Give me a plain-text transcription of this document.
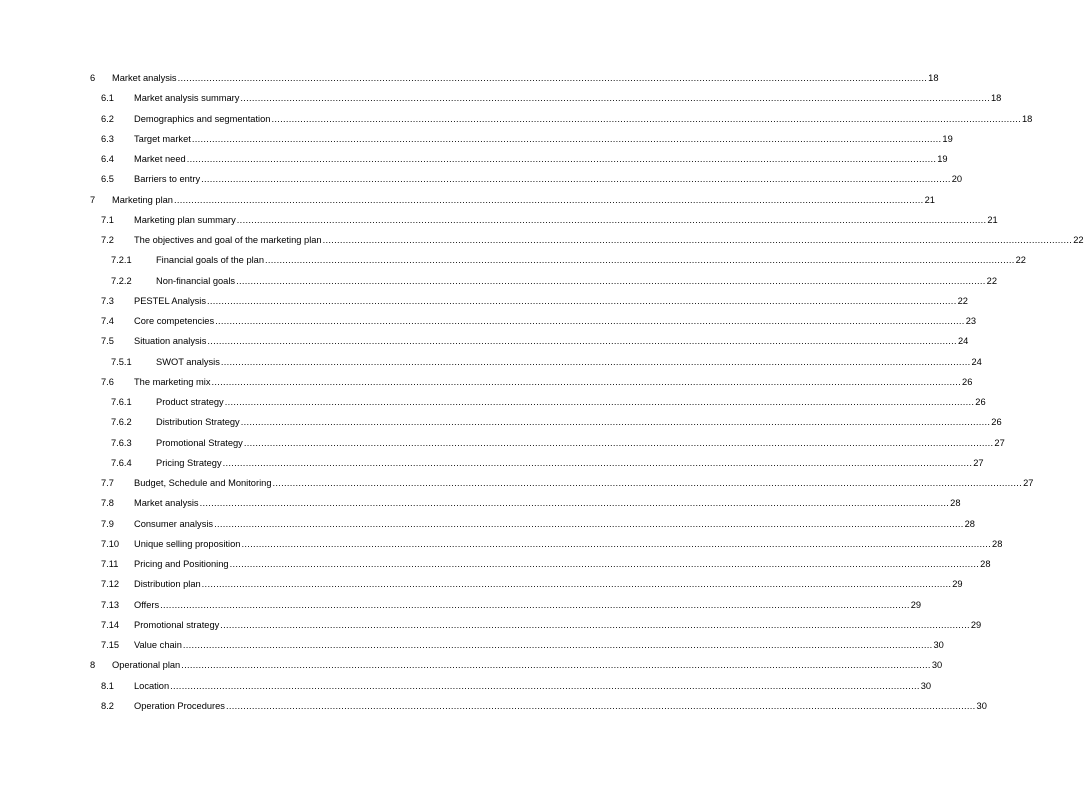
6 Market analysis .................................................................................................................................................................................................................................................................... 18
6.1 Market analysis summary .................................................................................................................................................................................................................................................................... 18
6.2 Demographics and segmentation .................................................................................................................................................................................................................................................................... 18
6.3 Target market .................................................................................................................................................................................................................................................................... 19
6.4 Market need .................................................................................................................................................................................................................................................................... 19
6.5 Barriers to entry .................................................................................................................................................................................................................................................................... 20
7 Marketing plan .................................................................................................................................................................................................................................................................... 21
7.1 Marketing plan summary .................................................................................................................................................................................................................................................................... 21
7.2 The objectives and goal of the marketing plan .................................................................................................................................................................................................................................................................... 22
7.2.1	Financial goals of the plan .................................................................................................................................................................................................................................................................... 22
7.2.2	Non-financial goals .................................................................................................................................................................................................................................................................... 22
7.3 PESTEL Analysis .................................................................................................................................................................................................................................................................... 22
7.4 Core competencies .................................................................................................................................................................................................................................................................... 23
7.5 Situation analysis .................................................................................................................................................................................................................................................................... 24
7.5.1	SWOT analysis .................................................................................................................................................................................................................................................................... 24
7.6 The marketing mix .................................................................................................................................................................................................................................................................... 26
7.6.1	Product strategy .................................................................................................................................................................................................................................................................... 26
7.6.2	Distribution Strategy .................................................................................................................................................................................................................................................................... 26
7.6.3	Promotional Strategy .................................................................................................................................................................................................................................................................... 27
7.6.4	Pricing Strategy .................................................................................................................................................................................................................................................................... 27
7.7 Budget, Schedule and Monitoring .................................................................................................................................................................................................................................................................... 27
7.8 Market analysis .................................................................................................................................................................................................................................................................... 28
7.9 Consumer analysis .................................................................................................................................................................................................................................................................... 28
7.10 Unique selling proposition .................................................................................................................................................................................................................................................................... 28
7.11 Pricing and Positioning .................................................................................................................................................................................................................................................................... 28
7.12 Distribution plan .................................................................................................................................................................................................................................................................... 29
7.13 Offers .................................................................................................................................................................................................................................................................... 29
7.14 Promotional strategy .................................................................................................................................................................................................................................................................... 29
7.15 Value chain .................................................................................................................................................................................................................................................................... 30
8 Operational plan .................................................................................................................................................................................................................................................................... 30
8.1 Location .................................................................................................................................................................................................................................................................... 30
8.2 Operation Procedures .................................................................................................................................................................................................................................................................... 30
